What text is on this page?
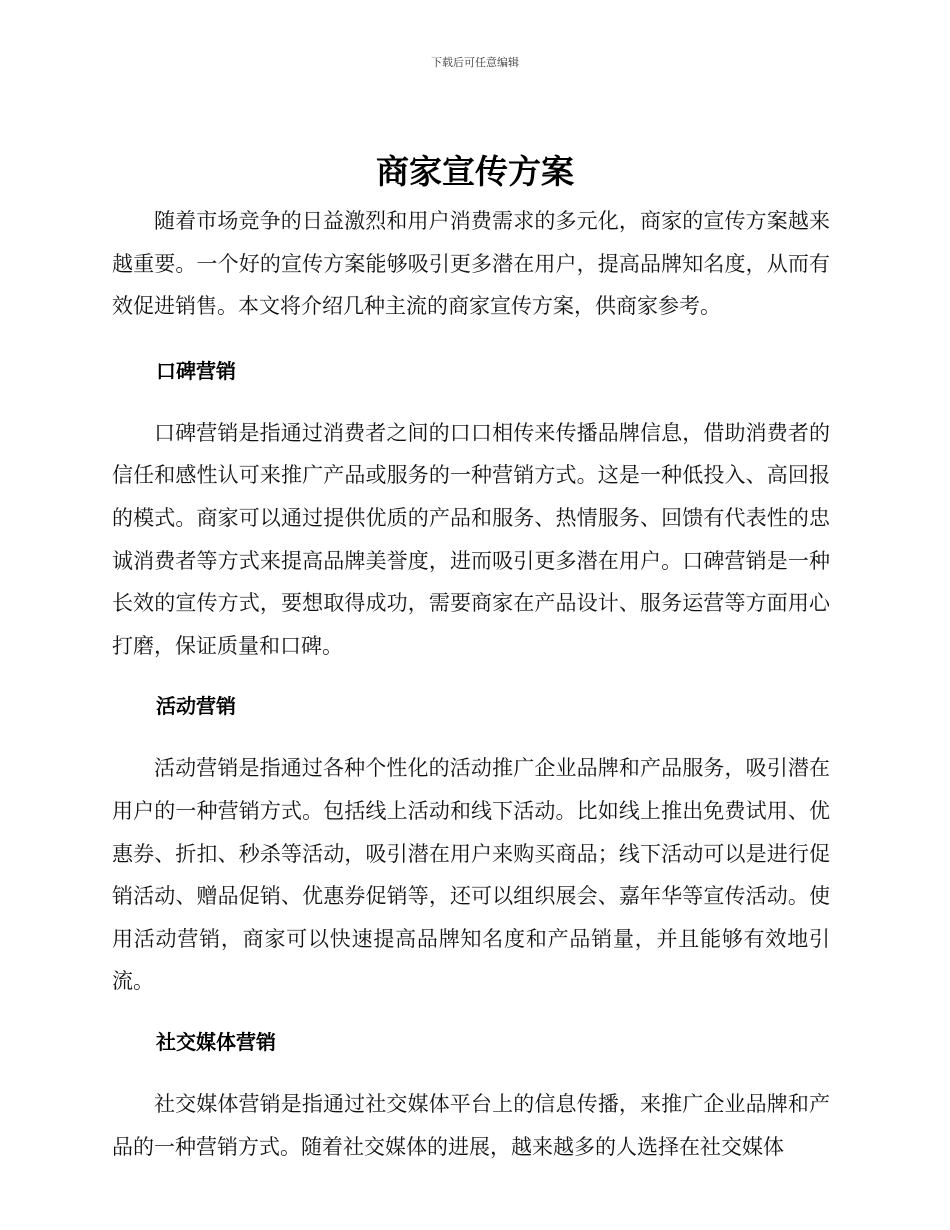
下载后可任意编辑
商家宣传方案

随着市场竞争的日益激烈和用户消费需求的多元化，商家的宣传方案越来越重要。一个好的宣传方案能够吸引更多潜在用户，提高品牌知名度，从而有效促进销售。本文将介绍几种主流的商家宣传方案，供商家参考。

口碑营销

口碑营销是指通过消费者之间的口口相传来传播品牌信息，借助消费者的信任和感性认可来推广产品或服务的一种营销方式。这是一种低投入、高回报的模式。商家可以通过提供优质的产品和服务、热情服务、回馈有代表性的忠诚消费者等方式来提高品牌美誉度，进而吸引更多潜在用户。口碑营销是一种长效的宣传方式，要想取得成功，需要商家在产品设计、服务运营等方面用心打磨，保证质量和口碑。

活动营销

活动营销是指通过各种个性化的活动推广企业品牌和产品服务，吸引潜在用户的一种营销方式。包括线上活动和线下活动。比如线上推出免费试用、优惠券、折扣、秒杀等活动，吸引潜在用户来购买商品；线下活动可以是进行促销活动、赠品促销、优惠券促销等，还可以组织展会、嘉年华等宣传活动。使用活动营销，商家可以快速提高品牌知名度和产品销量，并且能够有效地引流。

社交媒体营销

社交媒体营销是指通过社交媒体平台上的信息传播，来推广企业品牌和产品的一种营销方式。随着社交媒体的进展，越来越多的人选择在社交媒体
